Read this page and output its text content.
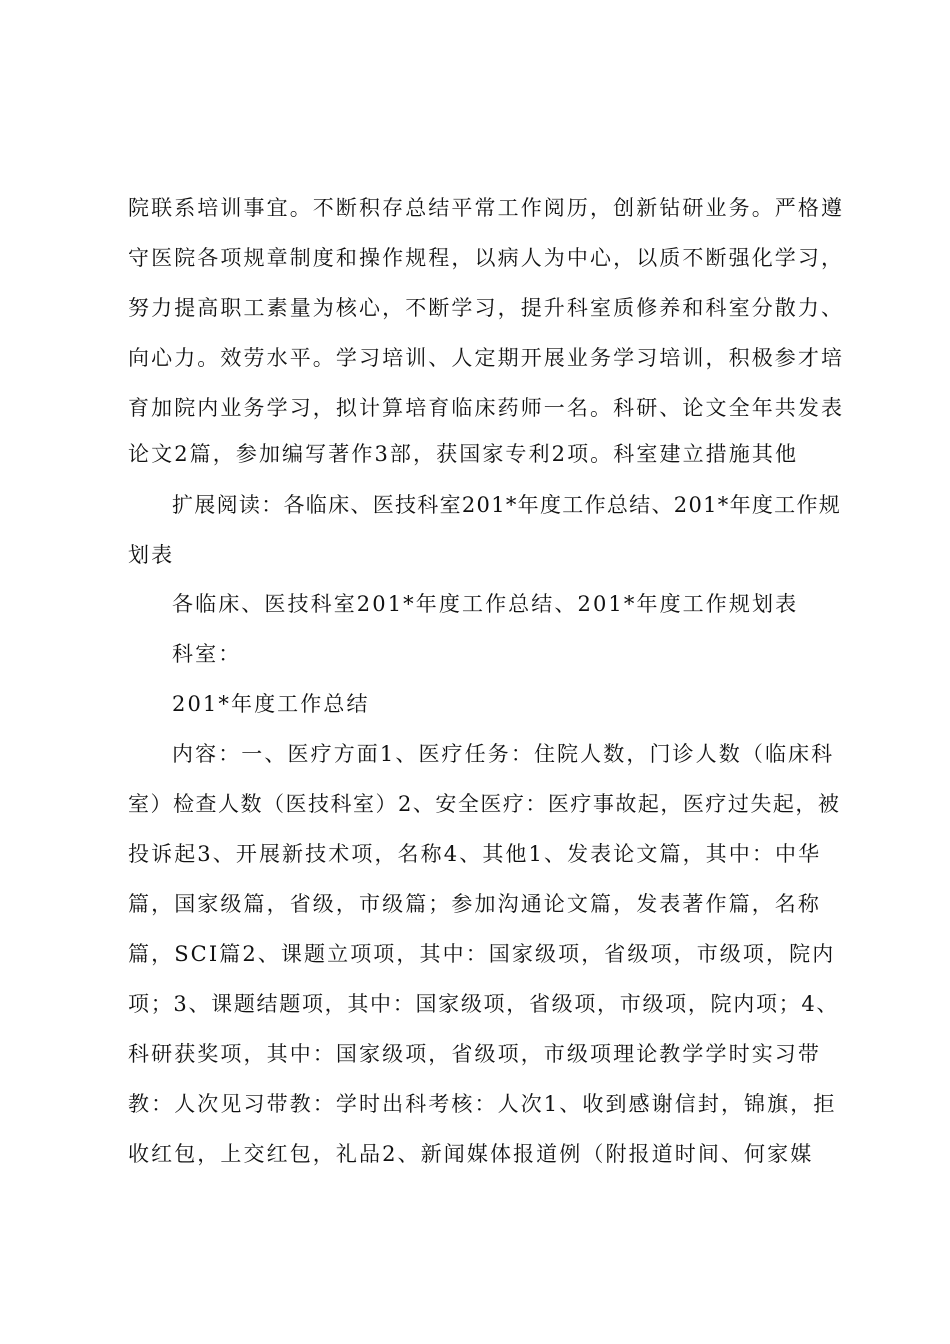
院联系培训事宜。不断积存总结平常工作阅历，创新钻研业务。严格遵

守医院各项规章制度和操作规程，以病人为中心，以质不断强化学习，

努力提高职工素量为核心，不断学习，提升科室质修养和科室分散力、

向心力。效劳水平。学习培训、人定期开展业务学习培训，积极参才培

育加院内业务学习，拟计算培育临床药师一名。科研、论文全年共发表

论文2篇，参加编写著作3部，获国家专利2项。科室建立措施其他

扩展阅读：各临床、医技科室201*年度工作总结、201*年度工作规

划表

各临床、医技科室201*年度工作总结、201*年度工作规划表

科室：

201*年度工作总结

内容：一、医疗方面1、医疗任务：住院人数，门诊人数（临床科

室）检查人数（医技科室）2、安全医疗：医疗事故起，医疗过失起，被

投诉起3、开展新技术项，名称4、其他1、发表论文篇，其中：中华

篇，国家级篇，省级，市级篇；参加沟通论文篇，发表著作篇，名称

篇，SCI篇2、课题立项项，其中：国家级项，省级项，市级项，院内

项；3、课题结题项，其中：国家级项，省级项，市级项，院内项；4、

科研获奖项，其中：国家级项，省级项，市级项理论教学学时实习带

教：人次见习带教：学时出科考核：人次1、收到感谢信封，锦旗，拒

收红包，上交红包，礼品2、新闻媒体报道例（附报道时间、何家媒
